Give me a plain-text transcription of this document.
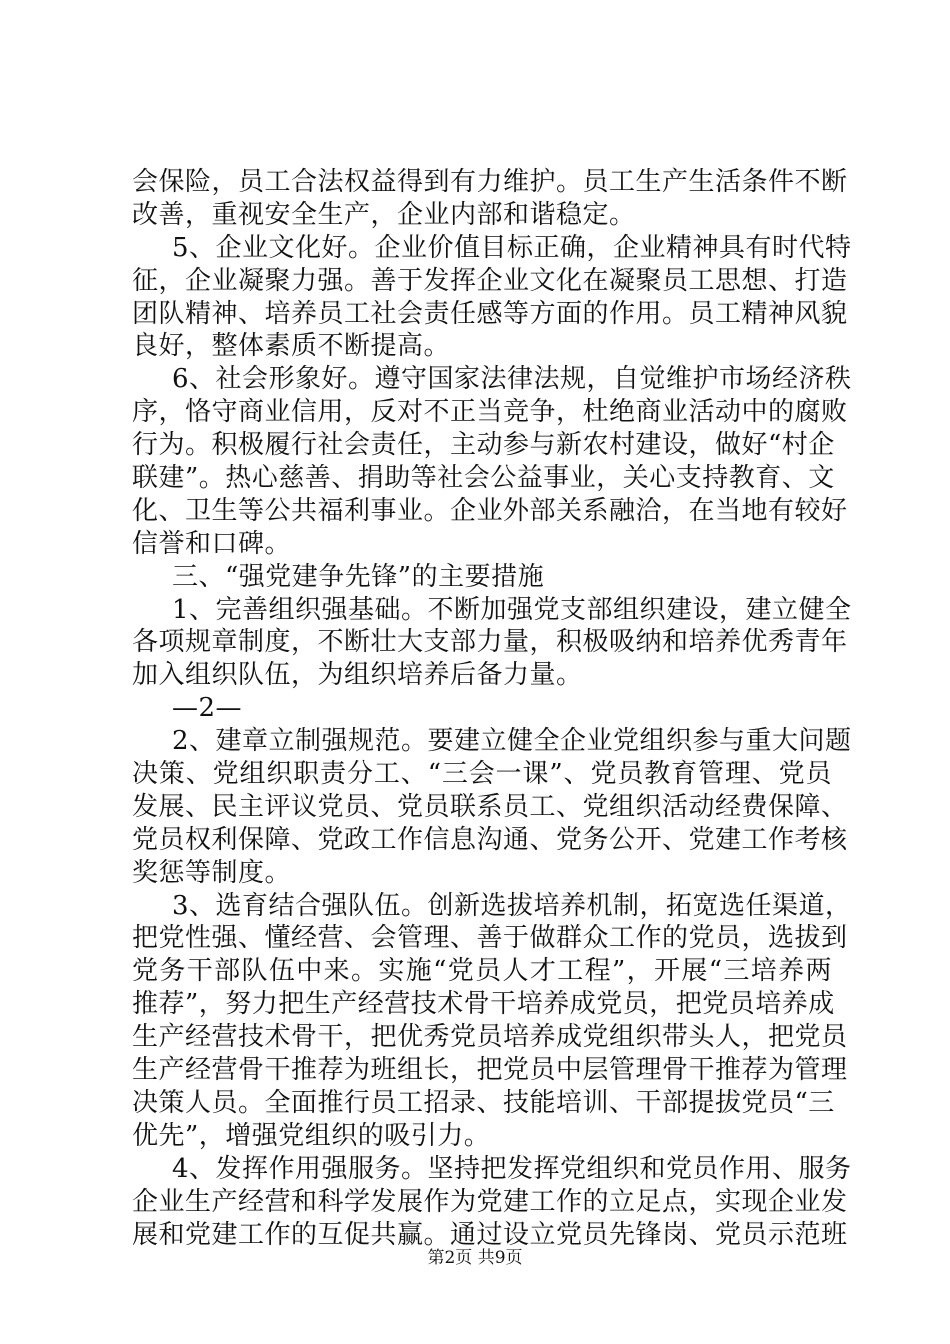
会保险，员工合法权益得到有力维护。员工生产生活条件不断
改善，重视安全生产，企业内部和谐稳定。
5、企业文化好。企业价值目标正确，企业精神具有时代特
征，企业凝聚力强。善于发挥企业文化在凝聚员工思想、打造
团队精神、培养员工社会责任感等方面的作用。员工精神风貌
良好，整体素质不断提高。
6、社会形象好。遵守国家法律法规，自觉维护市场经济秩
序，恪守商业信用，反对不正当竞争，杜绝商业活动中的腐败
行为。积极履行社会责任，主动参与新农村建设，做好“村企
联建”。热心慈善、捐助等社会公益事业，关心支持教育、文
化、卫生等公共福利事业。企业外部关系融洽，在当地有较好
信誉和口碑。
三、“强党建争先锋”的主要措施
1、完善组织强基础。不断加强党支部组织建设，建立健全
各项规章制度，不断壮大支部力量，积极吸纳和培养优秀青年
加入组织队伍，为组织培养后备力量。
—2—
2、建章立制强规范。要建立健全企业党组织参与重大问题
决策、党组织职责分工、“三会一课”、党员教育管理、党员
发展、民主评议党员、党员联系员工、党组织活动经费保障、
党员权利保障、党政工作信息沟通、党务公开、党建工作考核
奖惩等制度。
3、选育结合强队伍。创新选拔培养机制，拓宽选任渠道，
把党性强、懂经营、会管理、善于做群众工作的党员，选拔到
党务干部队伍中来。实施“党员人才工程”，开展“三培养两
推荐”，努力把生产经营技术骨干培养成党员，把党员培养成
生产经营技术骨干，把优秀党员培养成党组织带头人，把党员
生产经营骨干推荐为班组长，把党员中层管理骨干推荐为管理
决策人员。全面推行员工招录、技能培训、干部提拔党员“三
优先”，增强党组织的吸引力。
4、发挥作用强服务。坚持把发挥党组织和党员作用、服务
企业生产经营和科学发展作为党建工作的立足点，实现企业发
展和党建工作的互促共赢。通过设立党员先锋岗、党员示范班
第2页 共9页
